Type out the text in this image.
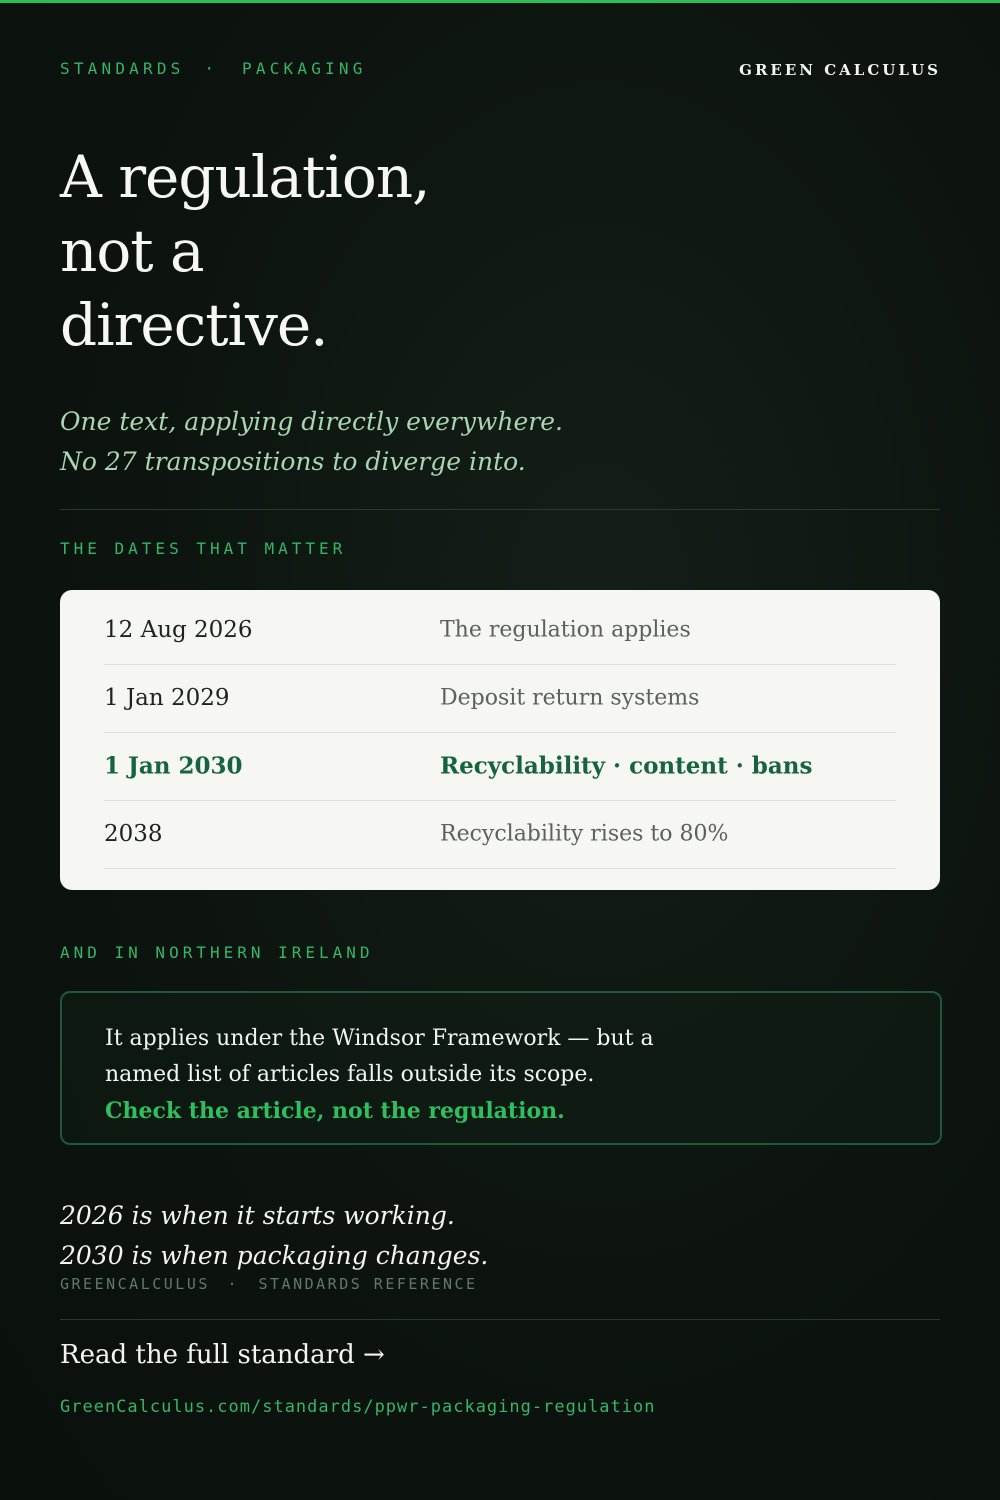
STANDARDS · PACKAGING	GREEN CALCULUS
A regulation,
not a
directive.
One text, applying directly everywhere.
No 27 transpositions to diverge into.
THE DATES THAT MATTER
12 Aug 2026	The regulation applies
1 Jan 2029	Deposit return systems
1 Jan 2030	Recyclability · content · bans
2038	Recyclability rises to 80%
AND IN NORTHERN IRELAND
It applies under the Windsor Framework — but a
named list of articles falls outside its scope.
Check the article, not the regulation.
2026 is when it starts working.
2030 is when packaging changes.
GREENCALCULUS · STANDARDS REFERENCE
Read the full standard →
GreenCalculus.com/standards/ppwr-packaging-regulation
